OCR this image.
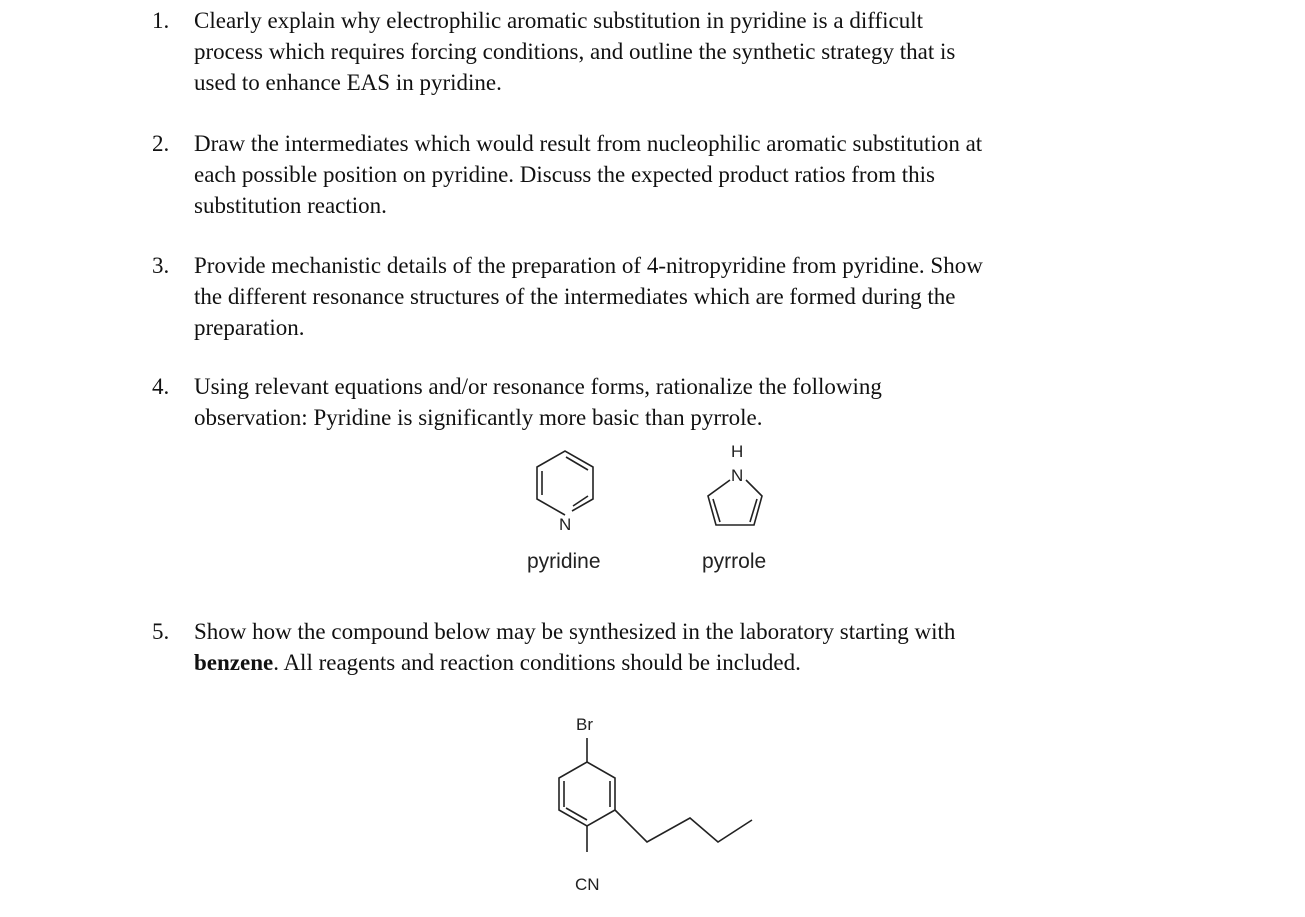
1.	Clearly explain why electrophilic aromatic substitution in pyridine is a difficult
process which requires forcing conditions, and outline the synthetic strategy that is
used to enhance EAS in pyridine.
2.	Draw the intermediates which would result from nucleophilic aromatic substitution at
each possible position on pyridine. Discuss the expected product ratios from this
substitution reaction.
3.	Provide mechanistic details of the preparation of 4-nitropyridine from pyridine. Show
the different resonance structures of the intermediates which are formed during the
preparation.
4.	Using relevant equations and/or resonance forms, rationalize the following
observation: Pyridine is significantly more basic than pyrrole.
N
pyridine
H
N
pyrrole
5.	Show how the compound below may be synthesized in the laboratory starting with
benzene. All reagents and reaction conditions should be included.
Br
CN
